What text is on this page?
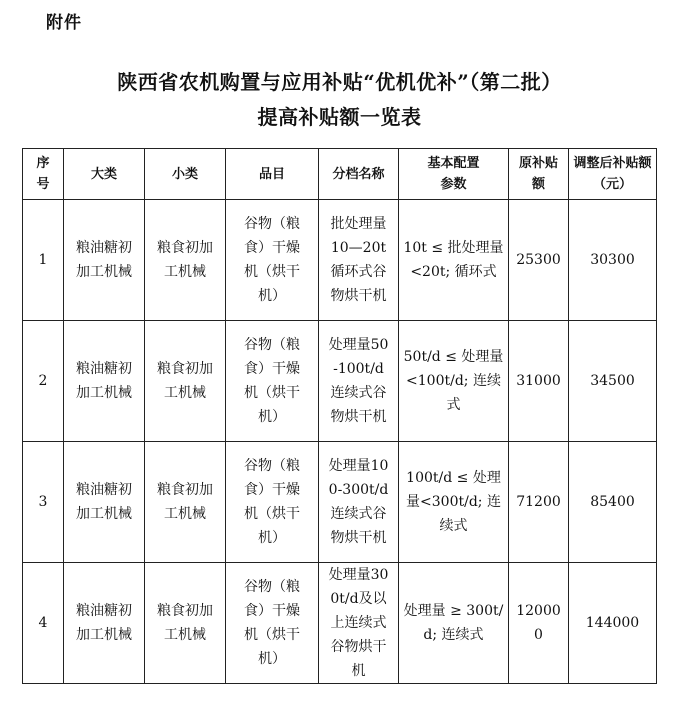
附件
陕西省农机购置与应用补贴“优机优补”（第二批）
提高补贴额一览表
序号	大类	小类	品目	分档名称	基本配置参数	原补贴额	调整后补贴额（元）

1	粮油糖初加工机械	粮食初加工机械	谷物（粮食）干燥机（烘干机）	批处理量10—20t循环式谷物烘干机	10t ≤ 批处理量<20t; 循环式	25300	30300
2	粮油糖初加工机械	粮食初加工机械	谷物（粮食）干燥机（烘干机）	处理量50-100t/d连续式谷物烘干机	50t/d ≤ 处理量<100t/d; 连续式	31000	34500
3	粮油糖初加工机械	粮食初加工机械	谷物（粮食）干燥机（烘干机）	处理量100-300t/d连续式谷物烘干机	100t/d ≤ 处理量<300t/d; 连续式	71200	85400
4	粮油糖初加工机械	粮食初加工机械	谷物（粮食）干燥机（烘干机）	处理量300t/d及以上连续式谷物烘干机	处理量 ≥ 300t/d; 连续式	120000	144000
